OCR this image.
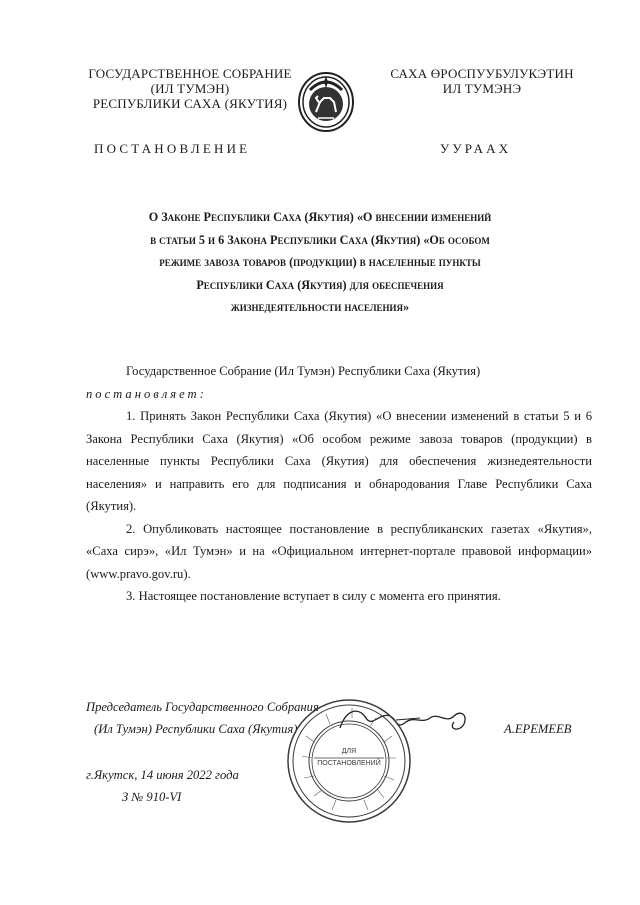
ГОСУДАРСТВЕННОЕ СОБРАНИЕ
(ИЛ ТУМЭН)
РЕСПУБЛИКИ САХА (ЯКУТИЯ)
САХА ӨРОСПУУБУЛУКЭТИН
ИЛ ТУМЭНЭ
ПОСТАНОВЛЕНИЕ	УУРААХ
О Законе Республики Саха (Якутия) «О внесении изменений
в статьи 5 и 6 Закона Республики Саха (Якутия) «Об особом
режиме завоза товаров (продукции) в населенные пункты
Республики Саха (Якутия) для обеспечения
жизнедеятельности населения»

Государственное Собрание (Ил Тумэн) Республики Саха (Якутия)

постановляет:

1. Принять Закон Республики Саха (Якутия) «О внесении изменений в статьи 5 и 6 Закона Республики Саха (Якутия) «Об особом режиме завоза товаров (продукции) в населенные пункты Республики Саха (Якутия) для обеспечения жизнедеятельности населения» и направить его для подписания и обнародования Главе Республики Саха (Якутия).

2. Опубликовать настоящее постановление в республиканских газетах «Якутия», «Саха сирэ», «Ил Тумэн» и на «Официальном интернет-портале правовой информации» (www.pravo.gov.ru).

3. Настоящее постановление вступает в силу с момента его принятия.

Председатель Государственного Собрания
(Ил Тумэн) Республики Саха (Якутия)	А.ЕРЕМЕЕВ
г.Якутск, 14 июня 2022 года
З № 910-VI
ДЛЯ
ПОСТАНОВЛЕНИЙ
